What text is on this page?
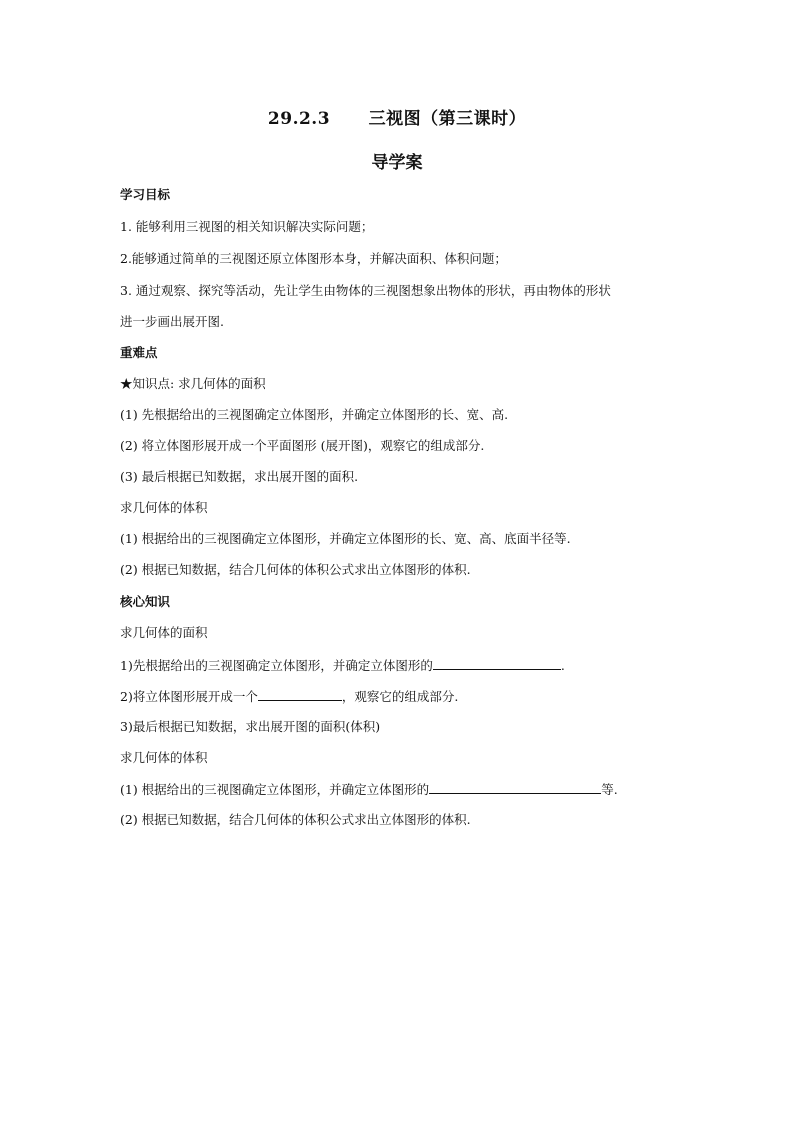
29.2.3      三视图（第三课时）
导学案
学习目标
1. 能够利用三视图的相关知识解决实际问题；
2.能够通过简单的三视图还原立体图形本身，并解决面积、体积问题；
3. 通过观察、探究等活动，先让学生由物体的三视图想象出物体的形状，再由物体的形状
进一步画出展开图.
重难点
★知识点: 求几何体的面积
(1) 先根据给出的三视图确定立体图形，并确定立体图形的长、宽、高.
(2) 将立体图形展开成一个平面图形 (展开图)，观察它的组成部分.
(3) 最后根据已知数据，求出展开图的面积.
求几何体的体积
(1) 根据给出的三视图确定立体图形，并确定立体图形的长、宽、高、底面半径等.
(2) 根据已知数据，结合几何体的体积公式求出立体图形的体积.
核心知识
求几何体的面积
1)先根据给出的三视图确定立体图形，并确定立体图形的	.
2)将立体图形展开成一个	，观察它的组成部分.
3)最后根据已知数据，求出展开图的面积(体积)
求几何体的体积
(1) 根据给出的三视图确定立体图形，并确定立体图形的	等.
(2) 根据已知数据，结合几何体的体积公式求出立体图形的体积.
